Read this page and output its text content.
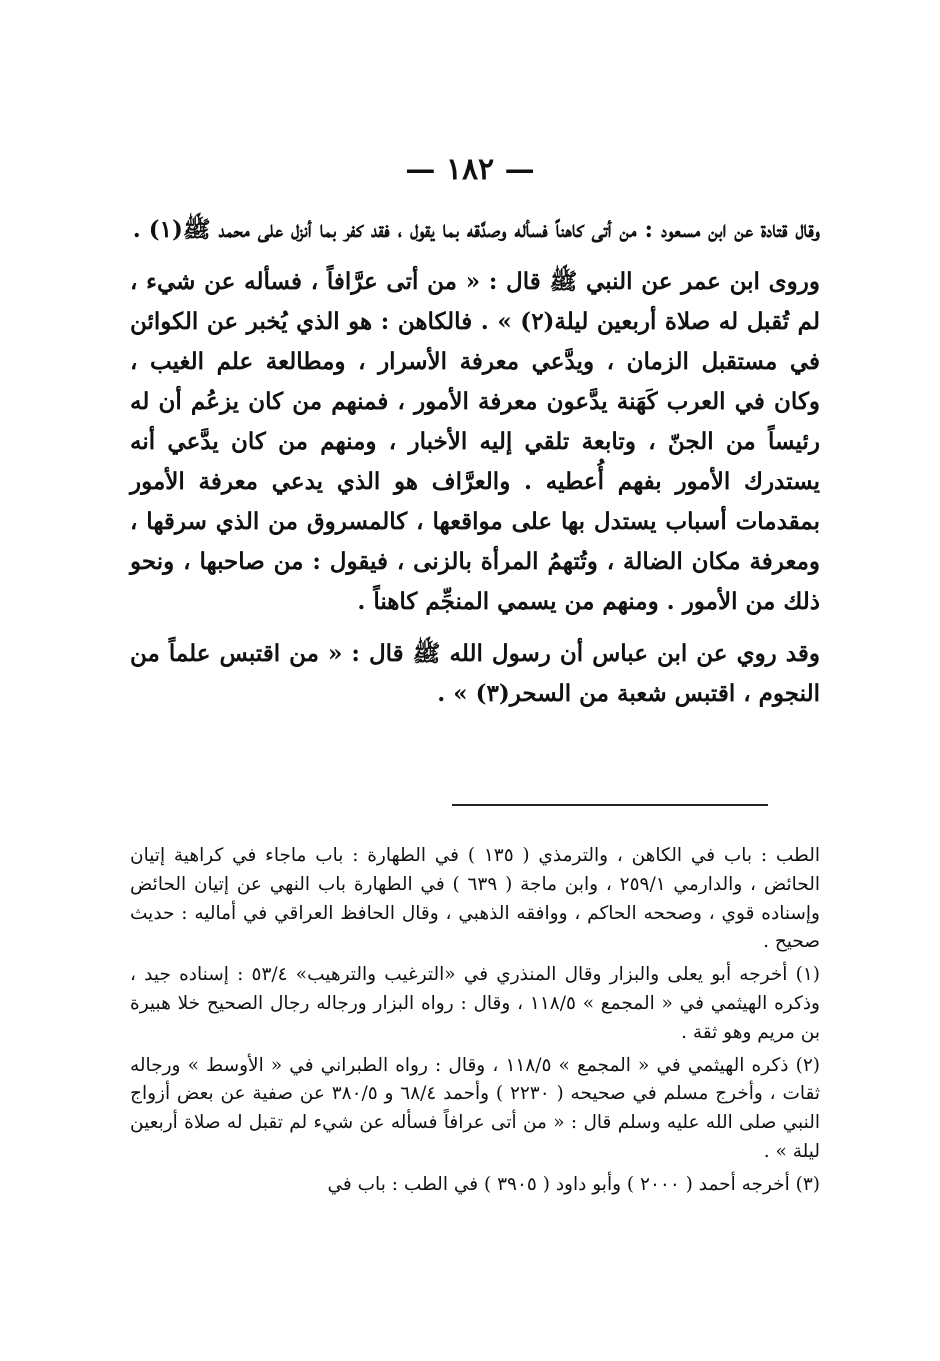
— ١٨٢ —

وقال قتادة عن ابن مسعود : من أتى كاهناً فسأله وصدَّقه بما يقول ، فقد كفر بما أنزل على محمد ﷺ(١) .

وروى ابن عمر عن النبي ﷺ قال : « من أتى عرَّافاً ، فسأله عن شيء ، لم تُقبل له صلاة أربعين ليلة(٢) » . فالكاهن : هو الذي يُخبر عن الكوائن في مستقبل الزمان ، ويدَّعي معرفة الأسرار ، ومطالعة علم الغيب ، وكان في العرب كَهَنة يدَّعون معرفة الأمور ، فمنهم من كان يزعُم أن له رئيساً من الجنّ ، وتابعة تلقي إليه الأخبار ، ومنهم من كان يدَّعي أنه يستدرك الأمور بفهم أُعطيه . والعرَّاف هو الذي يدعي معرفة الأمور بمقدمات أسباب يستدل بها على مواقعها ، كالمسروق من الذي سرقها ، ومعرفة مكان الضالة ، وتُتهمُ المرأة بالزنى ، فيقول : من صاحبها ، ونحو ذلك من الأمور . ومنهم من يسمي المنجِّم كاهناً .

وقد روي عن ابن عباس أن رسول الله ﷺ قال : « من اقتبس علماً من النجوم ، اقتبس شعبة من السحر(٣) » .

الطب : باب في الكاهن ، والترمذي ( ١٣٥ ) في الطهارة : باب ماجاء في كراهية إتيان الحائض ، والدارمي ٢٥٩/١ ، وابن ماجة ( ٦٣٩ ) في الطهارة باب النهي عن إتيان الحائض وإسناده قوي ، وصححه الحاكم ، ووافقه الذهبي ، وقال الحافظ العراقي في أماليه : حديث صحيح .

(١) أخرجه أبو يعلى والبزار وقال المنذري في «الترغيب والترهيب» ٥٣/٤ : إسناده جيد ، وذكره الهيثمي في « المجمع » ١١٨/٥ ، وقال : رواه البزار ورجاله رجال الصحيح خلا هبيرة بن مريم وهو ثقة .

(٢) ذكره الهيثمي في « المجمع » ١١٨/٥ ، وقال : رواه الطبراني في « الأوسط » ورجاله ثقات ، وأخرج مسلم في صحيحه ( ٢٢٣٠ ) وأحمد ٦٨/٤ و ٣٨٠/٥ عن صفية عن بعض أزواج النبي صلى الله عليه وسلم قال : « من أتى عرافاً فسأله عن شيء لم تقبل له صلاة أربعين ليلة » .

(٣) أخرجه أحمد ( ٢٠٠٠ ) وأبو داود ( ٣٩٠٥ ) في الطب : باب في
